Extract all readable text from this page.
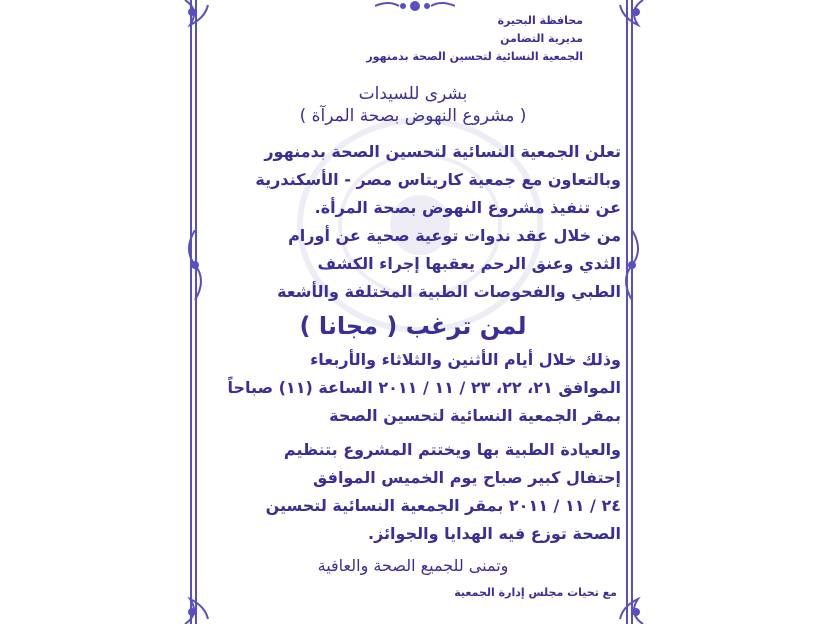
محافظة البحيرة
مديرية التضامن
الجمعية النسائية لتحسين الصحة بدمنهور
بشرى للسيدات
( مشروع النهوض بصحة المرآة )
تعلن الجمعية النسائية لتحسين الصحة بدمنهور
وبالتعاون مع جمعية كاريتاس مصر - الأسكندرية
عن تنفيذ مشروع النهوض بصحة المرأة.
من خلال عقد ندوات توعية صحية عن أورام
الثدي وعنق الرحم يعقبها إجراء الكشف
الطبي والفحوصات الطبية المختلفة والأشعة
لمن ترغب ( مجانا )
وذلك خلال أيام الأثنين والثلاثاء والأربعاء
الموافق ٢١، ٢٢، ٢٣ / ١١ / ٢٠١١ الساعة (١١) صباحاً
بمقر الجمعية النسائية لتحسين الصحة
والعيادة الطبية بها ويختتم المشروع بتنظيم
إحتفال كبير صباح يوم الخميس الموافق
٢٤ / ١١ / ٢٠١١ بمقر الجمعية النسائية لتحسين
الصحة توزع فيه الهدايا والجوائز.
وتمنى للجميع الصحة والعافية
مع تحيات مجلس إدارة الجمعية
